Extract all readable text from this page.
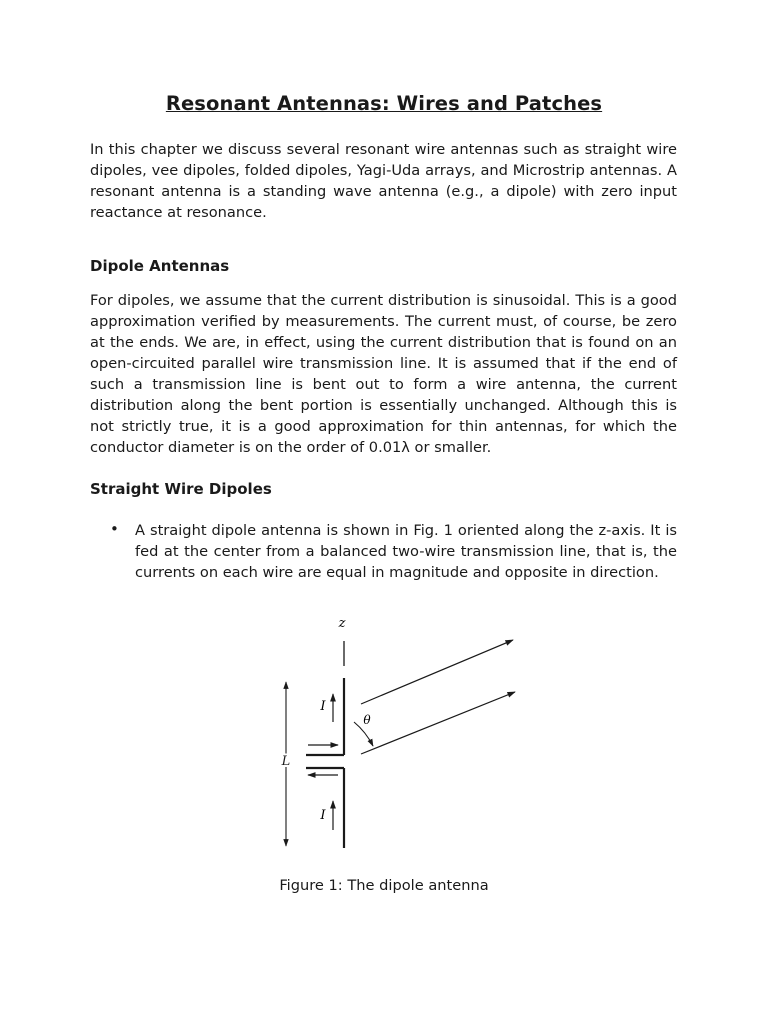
Resonant Antennas: Wires and Patches

In this chapter we discuss several resonant wire antennas such as straight wire dipoles, vee dipoles, folded dipoles, Yagi-Uda arrays, and Microstrip antennas. A resonant antenna is a standing wave antenna (e.g., a dipole) with zero input reactance at resonance.

Dipole Antennas

For dipoles, we assume that the current distribution is sinusoidal. This is a good approximation verified by measurements. The current must, of course, be zero at the ends. We are, in effect, using the current distribution that is found on an open-circuited parallel wire transmission line. It is assumed that if the end of such a transmission line is bent out to form a wire antenna, the current distribution along the bent portion is essentially unchanged. Although this is not strictly true, it is a good approximation for thin antennas, for which the conductor diameter is on the order of 0.01λ or smaller.

Straight Wire Dipoles
• A straight dipole antenna is shown in Fig. 1 oriented along the z-axis. It is fed at the center from a balanced two-wire transmission line, that is, the currents on each wire are equal in magnitude and opposite in direction.

z
I
I
L
θ
Figure 1: The dipole antenna
